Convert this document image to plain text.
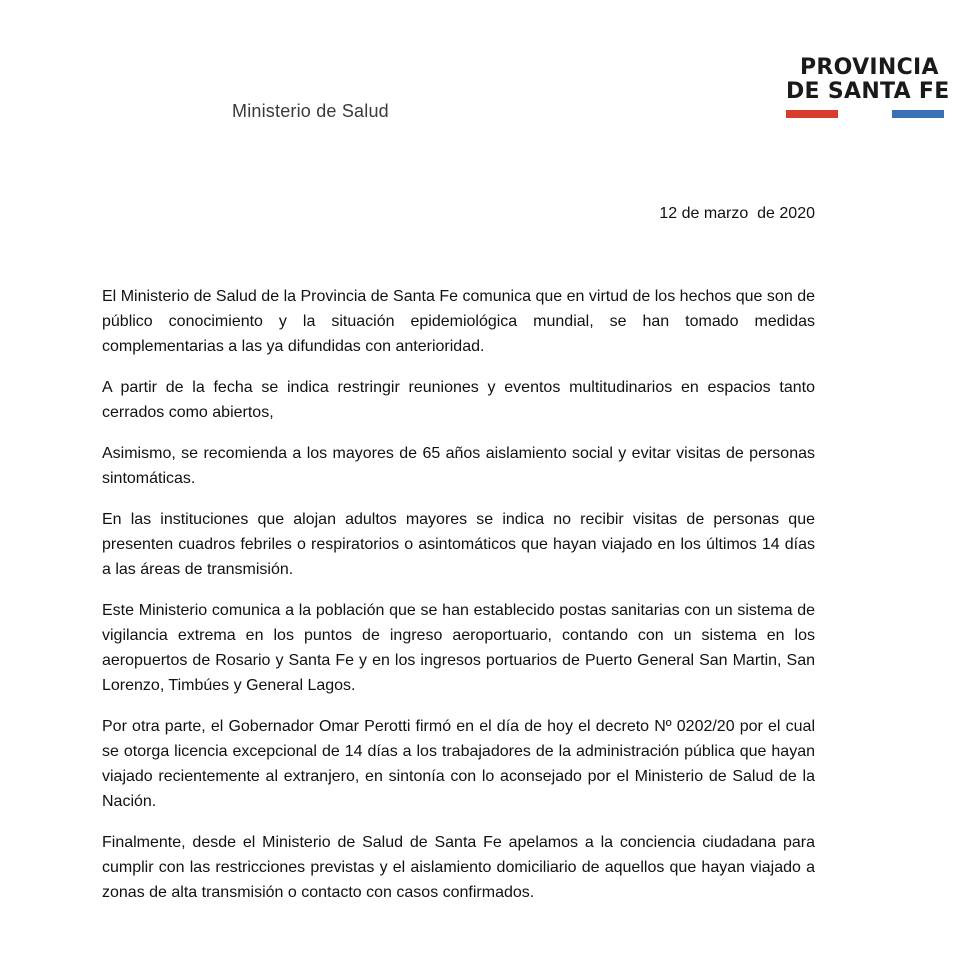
Ministerio de Salud
PROVINCIA
DE SANTA FE
12 de marzo  de 2020

El Ministerio de Salud de la Provincia de Santa Fe comunica que en virtud de los hechos que son de público conocimiento y la situación epidemiológica mundial, se han tomado medidas complementarias a las ya difundidas con anterioridad.

A partir de la fecha se indica restringir reuniones y eventos multitudinarios en espacios tanto cerrados como abiertos,

Asimismo, se recomienda a los mayores de 65 años aislamiento social y evitar visitas de personas sintomáticas.

En las instituciones que alojan adultos mayores se indica no recibir visitas de personas que presenten cuadros febriles o respiratorios o asintomáticos que hayan viajado en los últimos 14 días a las áreas de transmisión.

Este Ministerio comunica a la población que se han establecido postas sanitarias con un sistema de vigilancia extrema en los puntos de ingreso aeroportuario, contando con un sistema en los aeropuertos de Rosario y Santa Fe y en los ingresos portuarios de Puerto General San Martin, San Lorenzo, Timbúes y General Lagos.

Por otra parte, el Gobernador Omar Perotti firmó en el día de hoy el decreto Nº 0202/20 por el cual se otorga licencia excepcional de 14 días a los trabajadores de la administración pública que hayan viajado recientemente al extranjero, en sintonía con lo aconsejado por el Ministerio de Salud de la Nación.

Finalmente, desde el Ministerio de Salud de Santa Fe apelamos a la conciencia ciudadana para cumplir con las restricciones previstas y el aislamiento domiciliario de aquellos que hayan viajado a zonas de alta transmisión o contacto con casos confirmados.
